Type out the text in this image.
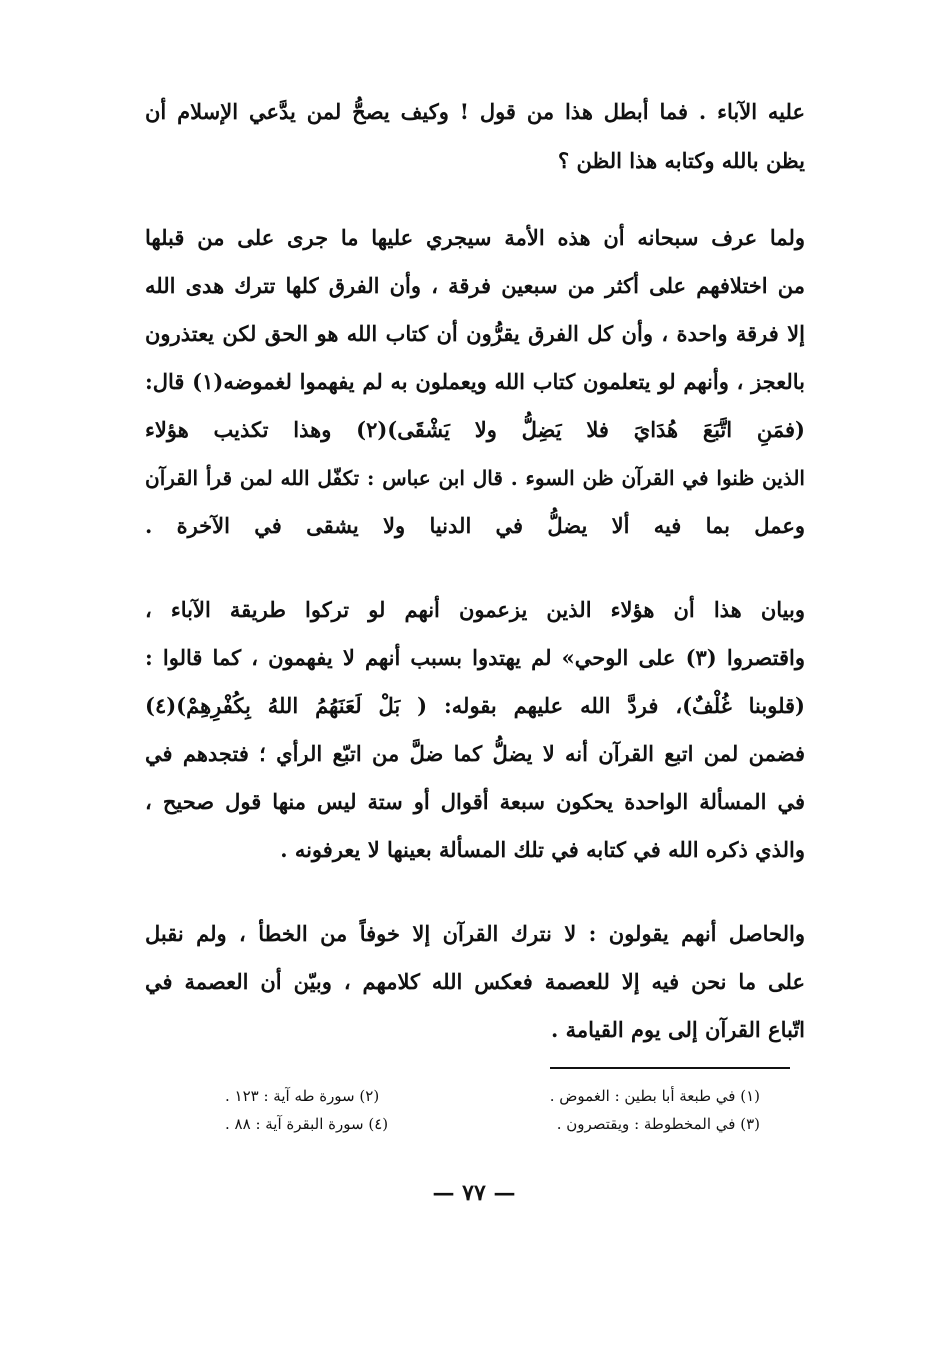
عليه الآباء . فما أبطل هذا من قول ! وكيف يصحُّ لمن يدَّعي الإسلام أن
يظن بالله وكتابه هذا الظن ؟
ولما عرف سبحانه أن هذه الأمة سيجري عليها ما جرى على من قبلها
من اختلافهم على أكثر من سبعين فرقة ، وأن الفرق كلها تترك هدى الله
إلا فرقة واحدة ، وأن كل الفرق يقرُّون أن كتاب الله هو الحق لكن يعتذرون
بالعجز ، وأنهم لو يتعلمون كتاب الله ويعملون به لم يفهموا لغموضه(١) قال:
(فمَنِ اتَّبَعَ هُدَايَ فلا يَضِلُّ ولا يَشْقَى)(٢) وهذا تكذيب هؤلاء
الذين ظنوا في القرآن ظن السوء . قال ابن عباس : تكفّل الله لمن قرأ القرآن
وعمل بما فيه ألا يضلُّ في الدنيا ولا يشقى في الآخرة .
وبيان هذا أن هؤلاء الذين يزعمون أنهم لو تركوا طريقة الآباء ،
واقتصروا (٣) على الوحي» لم يهتدوا بسبب أنهم لا يفهمون ، كما قالوا :
(قلوبنا غُلْفٌ)، فردَّ الله عليهم بقوله: ( بَلْ لَعَنَهُمُ اللهُ بِكُفْرِهِمْ)(٤)
فضمن لمن اتبع القرآن أنه لا يضلُّ كما ضلَّ من اتبّع الرأي ؛ فتجدهم في
في المسألة الواحدة يحكون سبعة أقوال أو ستة ليس منها قول صحيح ،
والذي ذكره الله في كتابه في تلك المسألة بعينها لا يعرفونه .
والحاصل أنهم يقولون : لا نترك القرآن إلا خوفاً من الخطأ ، ولم نقبل
على ما نحن فيه إلا للعصمة فعكس الله كلامهم ، وبيّن أن العصمة في
اتّباع القرآن إلى يوم القيامة .
(١) في طبعة أبا بطين : الغموض .
(٢) سورة طه آية : ١٢٣ .
(٣) في المخطوطة : ويقتصرون .
(٤) سورة البقرة آية : ٨٨ .
— ٧٧ —
